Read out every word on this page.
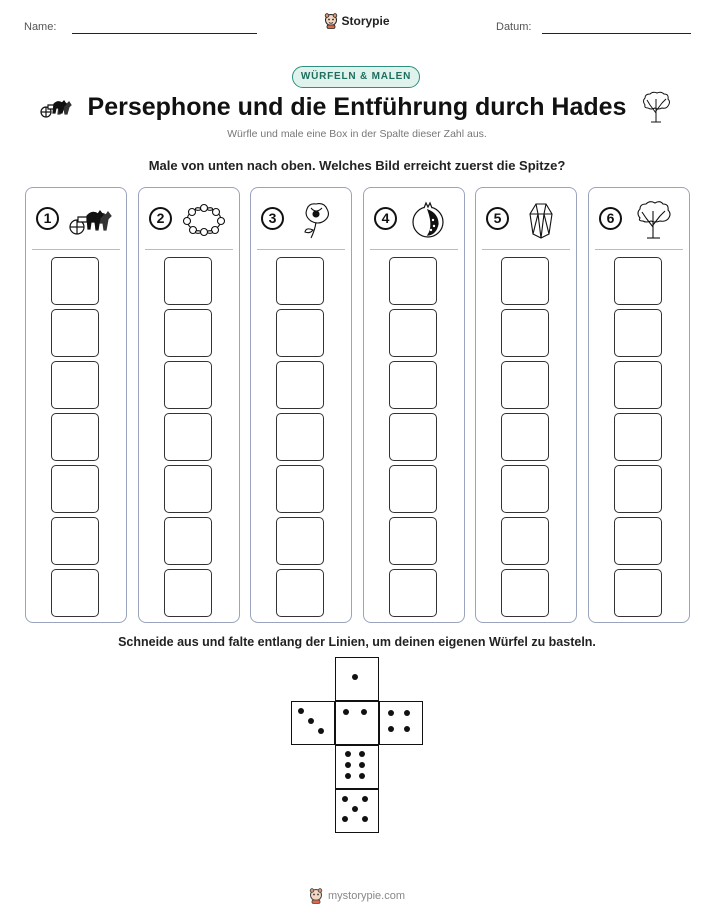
Name:	Storypie	Datum:
WÜRFELN & MALEN
Persephone und die Entführung durch Hades
Würfle und male eine Box in der Spalte dieser Zahl aus.
Male von unten nach oben. Welches Bild erreicht zuerst die Spitze?
1	2	3	4	5	6
Schneide aus und falte entlang der Linien, um deinen eigenen Würfel zu basteln.
mystorypie.com
